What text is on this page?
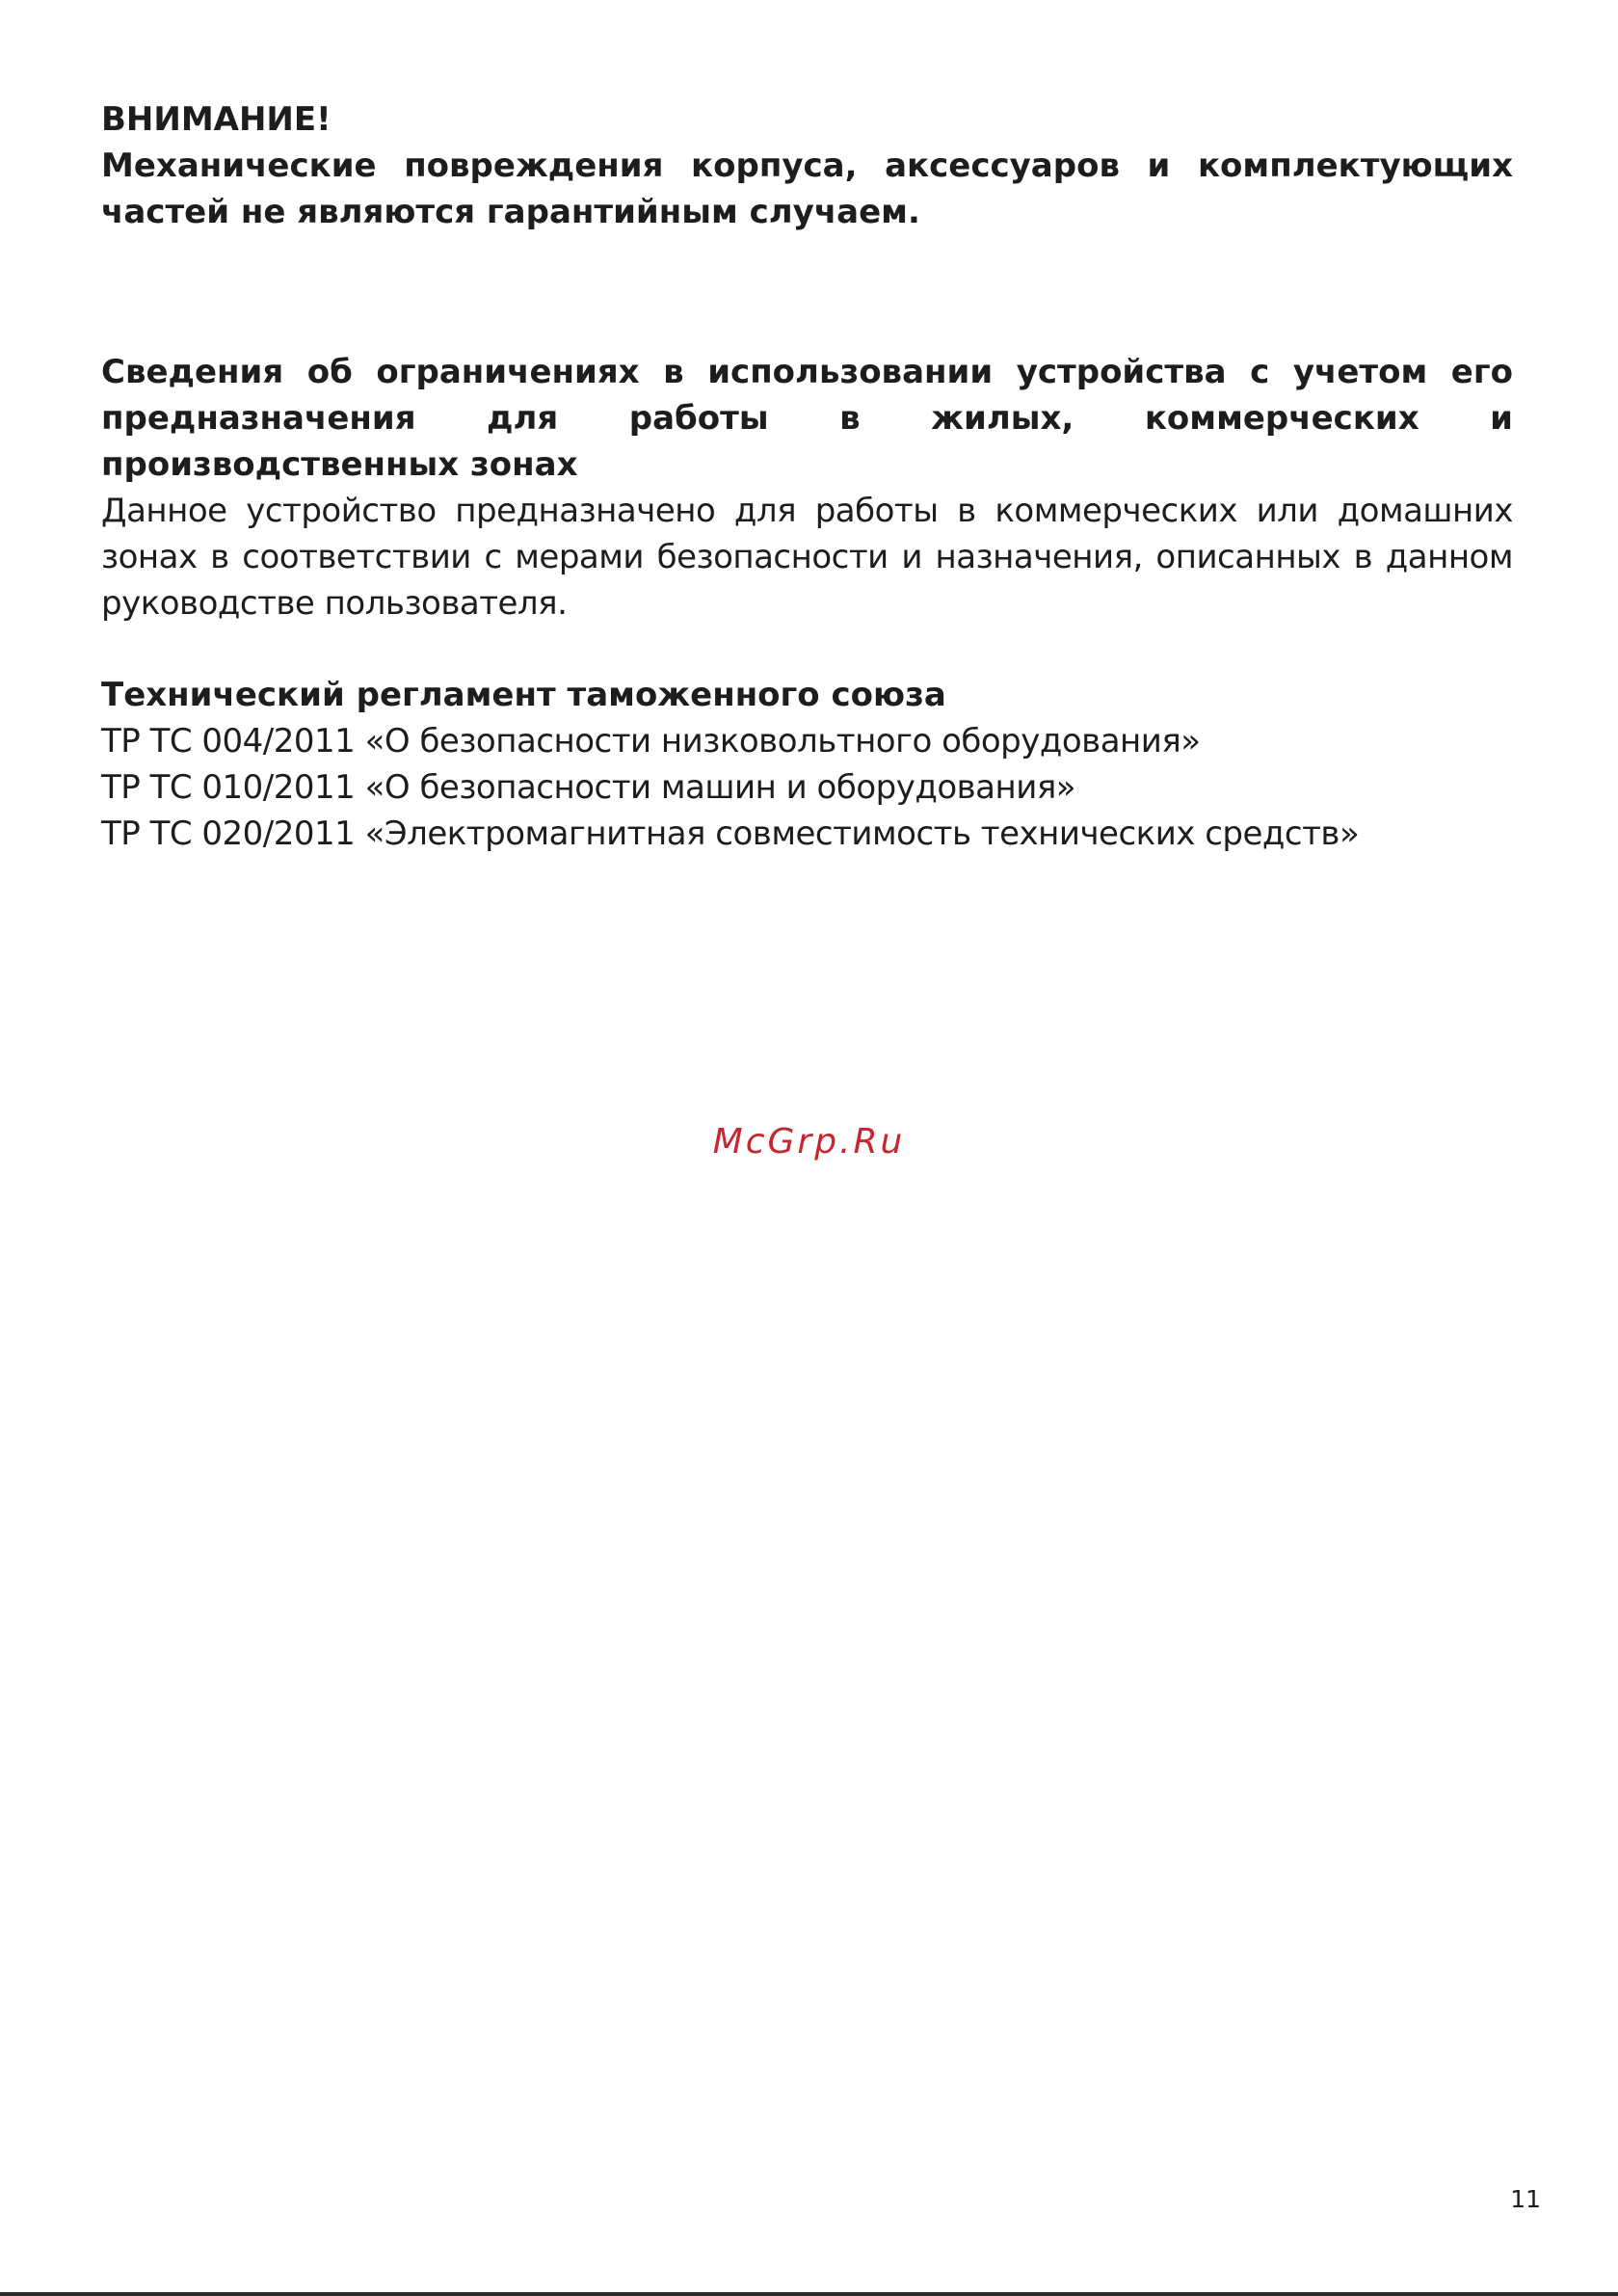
ВНИМАНИЕ!

Механические повреждения корпуса, аксессуаров и комплектующих частей не являются гарантийным случаем.

Сведения об ограничениях в использовании устройства с учетом его предназначения для работы в жилых, коммерческих и производственных зонах

Данное устройство предназначено для работы в коммерческих или домашних зонах в соответствии с мерами безопасности и назначения, описанных в данном руководстве пользователя.

Технический регламент таможенного союза

ТР ТС 004/2011 «О безопасности низковольтного оборудования»
ТР ТС 010/2011 «О безопасности машин и оборудования»
ТР ТС 020/2011 «Электромагнитная совместимость технических средств»
McGrp.Ru
11
